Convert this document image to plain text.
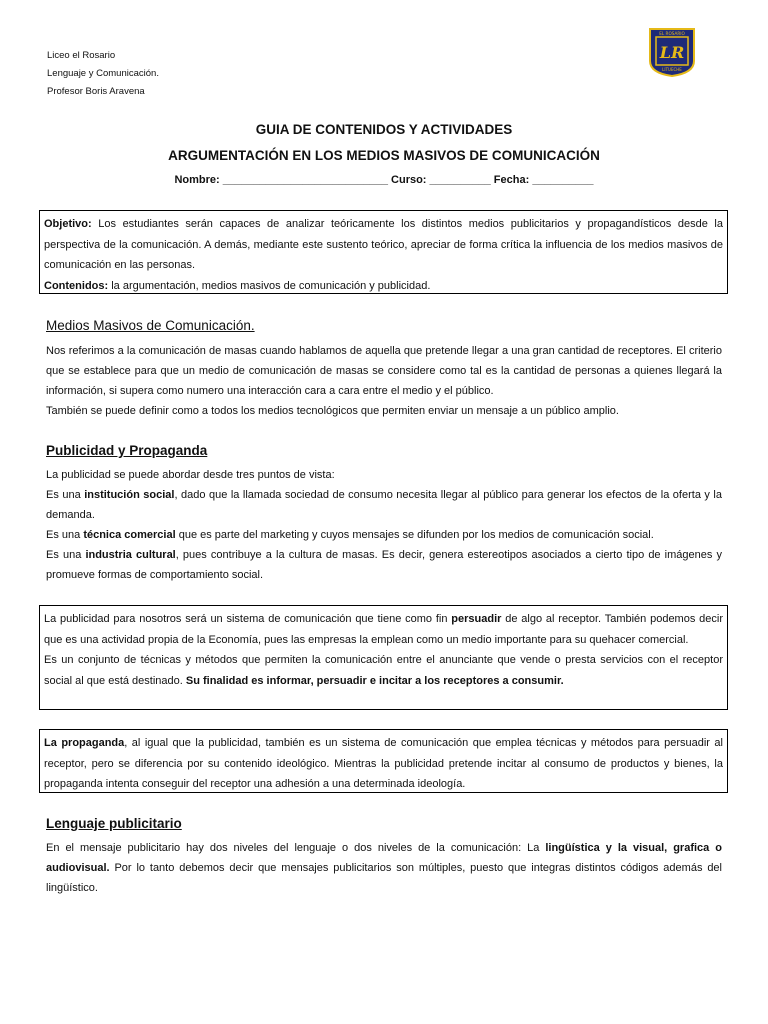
Liceo el Rosario
Lenguaje y Comunicación.
Profesor Boris Aravena
EL ROSARIO
LR
LITUECHE
GUIA DE CONTENIDOS Y ACTIVIDADES
ARGUMENTACIÓN EN LOS MEDIOS MASIVOS DE COMUNICACIÓN
Nombre: ___________________________ Curso: __________ Fecha: __________

Objetivo: Los estudiantes serán capaces de analizar teóricamente los distintos medios publicitarios y propagandísticos desde la perspectiva de la comunicación. A demás, mediante este sustento teórico, apreciar de forma crítica la influencia de los medios masivos de comunicación en las personas.

Contenidos: la argumentación, medios masivos de comunicación y publicidad.

Medios Masivos de Comunicación.

Nos referimos a la comunicación de masas cuando hablamos de aquella que pretende llegar a una gran cantidad de receptores. El criterio que se establece para que un medio de comunicación de masas se considere como tal es la cantidad de personas a quienes llegará la información, si supera como numero una interacción cara a cara entre el medio y el público.

También se puede definir como a todos los medios tecnológicos que permiten enviar un mensaje a un público amplio.

Publicidad y Propaganda

La publicidad se puede abordar desde tres puntos de vista:

Es una institución social, dado que la llamada sociedad de consumo necesita llegar al público para generar los efectos de la oferta y la demanda.

Es una técnica comercial que es parte del marketing y cuyos mensajes se difunden por los medios de comunicación social.

Es una industria cultural, pues contribuye a la cultura de masas. Es decir, genera estereotipos asociados a cierto tipo de imágenes y promueve formas de comportamiento social.

La publicidad para nosotros será un sistema de comunicación que tiene como fin persuadir de algo al receptor. También podemos decir que es una actividad propia de la Economía, pues las empresas la emplean como un medio importante para su quehacer comercial.

Es un conjunto de técnicas y métodos que permiten la comunicación entre el anunciante que vende o presta servicios con el receptor social al que está destinado. Su finalidad es informar, persuadir e incitar a los receptores a consumir.

La propaganda, al igual que la publicidad, también es un sistema de comunicación que emplea técnicas y métodos para persuadir al receptor, pero se diferencia por su contenido ideológico. Mientras la publicidad pretende incitar al consumo de productos y bienes, la propaganda intenta conseguir del receptor una adhesión a una determinada ideología.

Lenguaje publicitario

En el mensaje publicitario hay dos niveles del lenguaje o dos niveles de la comunicación: La lingüística y la visual, grafica o audiovisual. Por lo tanto debemos decir que mensajes publicitarios son múltiples, puesto que integras distintos códigos además del lingüístico.
